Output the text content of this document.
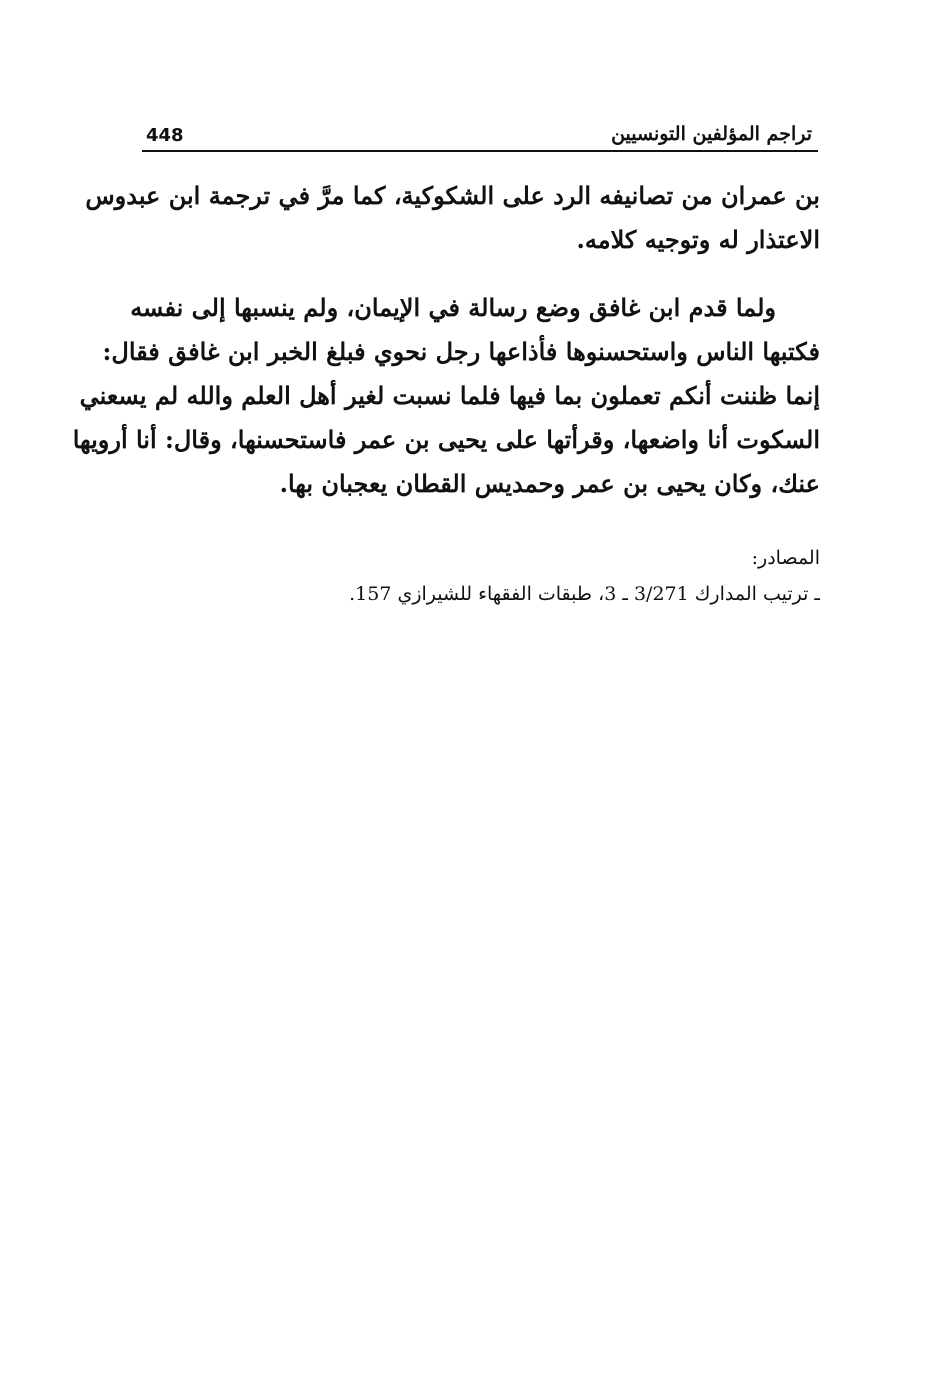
448	تراجم المؤلفين التونسيين
بن عمران من تصانيفه الرد على الشكوكية، كما مرَّ في ترجمة ابن عبدوس
الاعتذار له وتوجيه كلامه.
ولما قدم ابن غافق وضع رسالة في الإيمان، ولم ينسبها إلى نفسه
فكتبها الناس واستحسنوها فأذاعها رجل نحوي فبلغ الخبر ابن غافق فقال:
إنما ظننت أنكم تعملون بما فيها فلما نسبت لغير أهل العلم والله لم يسعني
السكوت أنا واضعها، وقرأتها على يحيى بن عمر فاستحسنها، وقال: أنا أرويها
عنك، وكان يحيى بن عمر وحمديس القطان يعجبان بها.
المصادر:
ـ ترتيب المدارك 3/271 ـ 3، طبقات الفقهاء للشيرازي 157.
